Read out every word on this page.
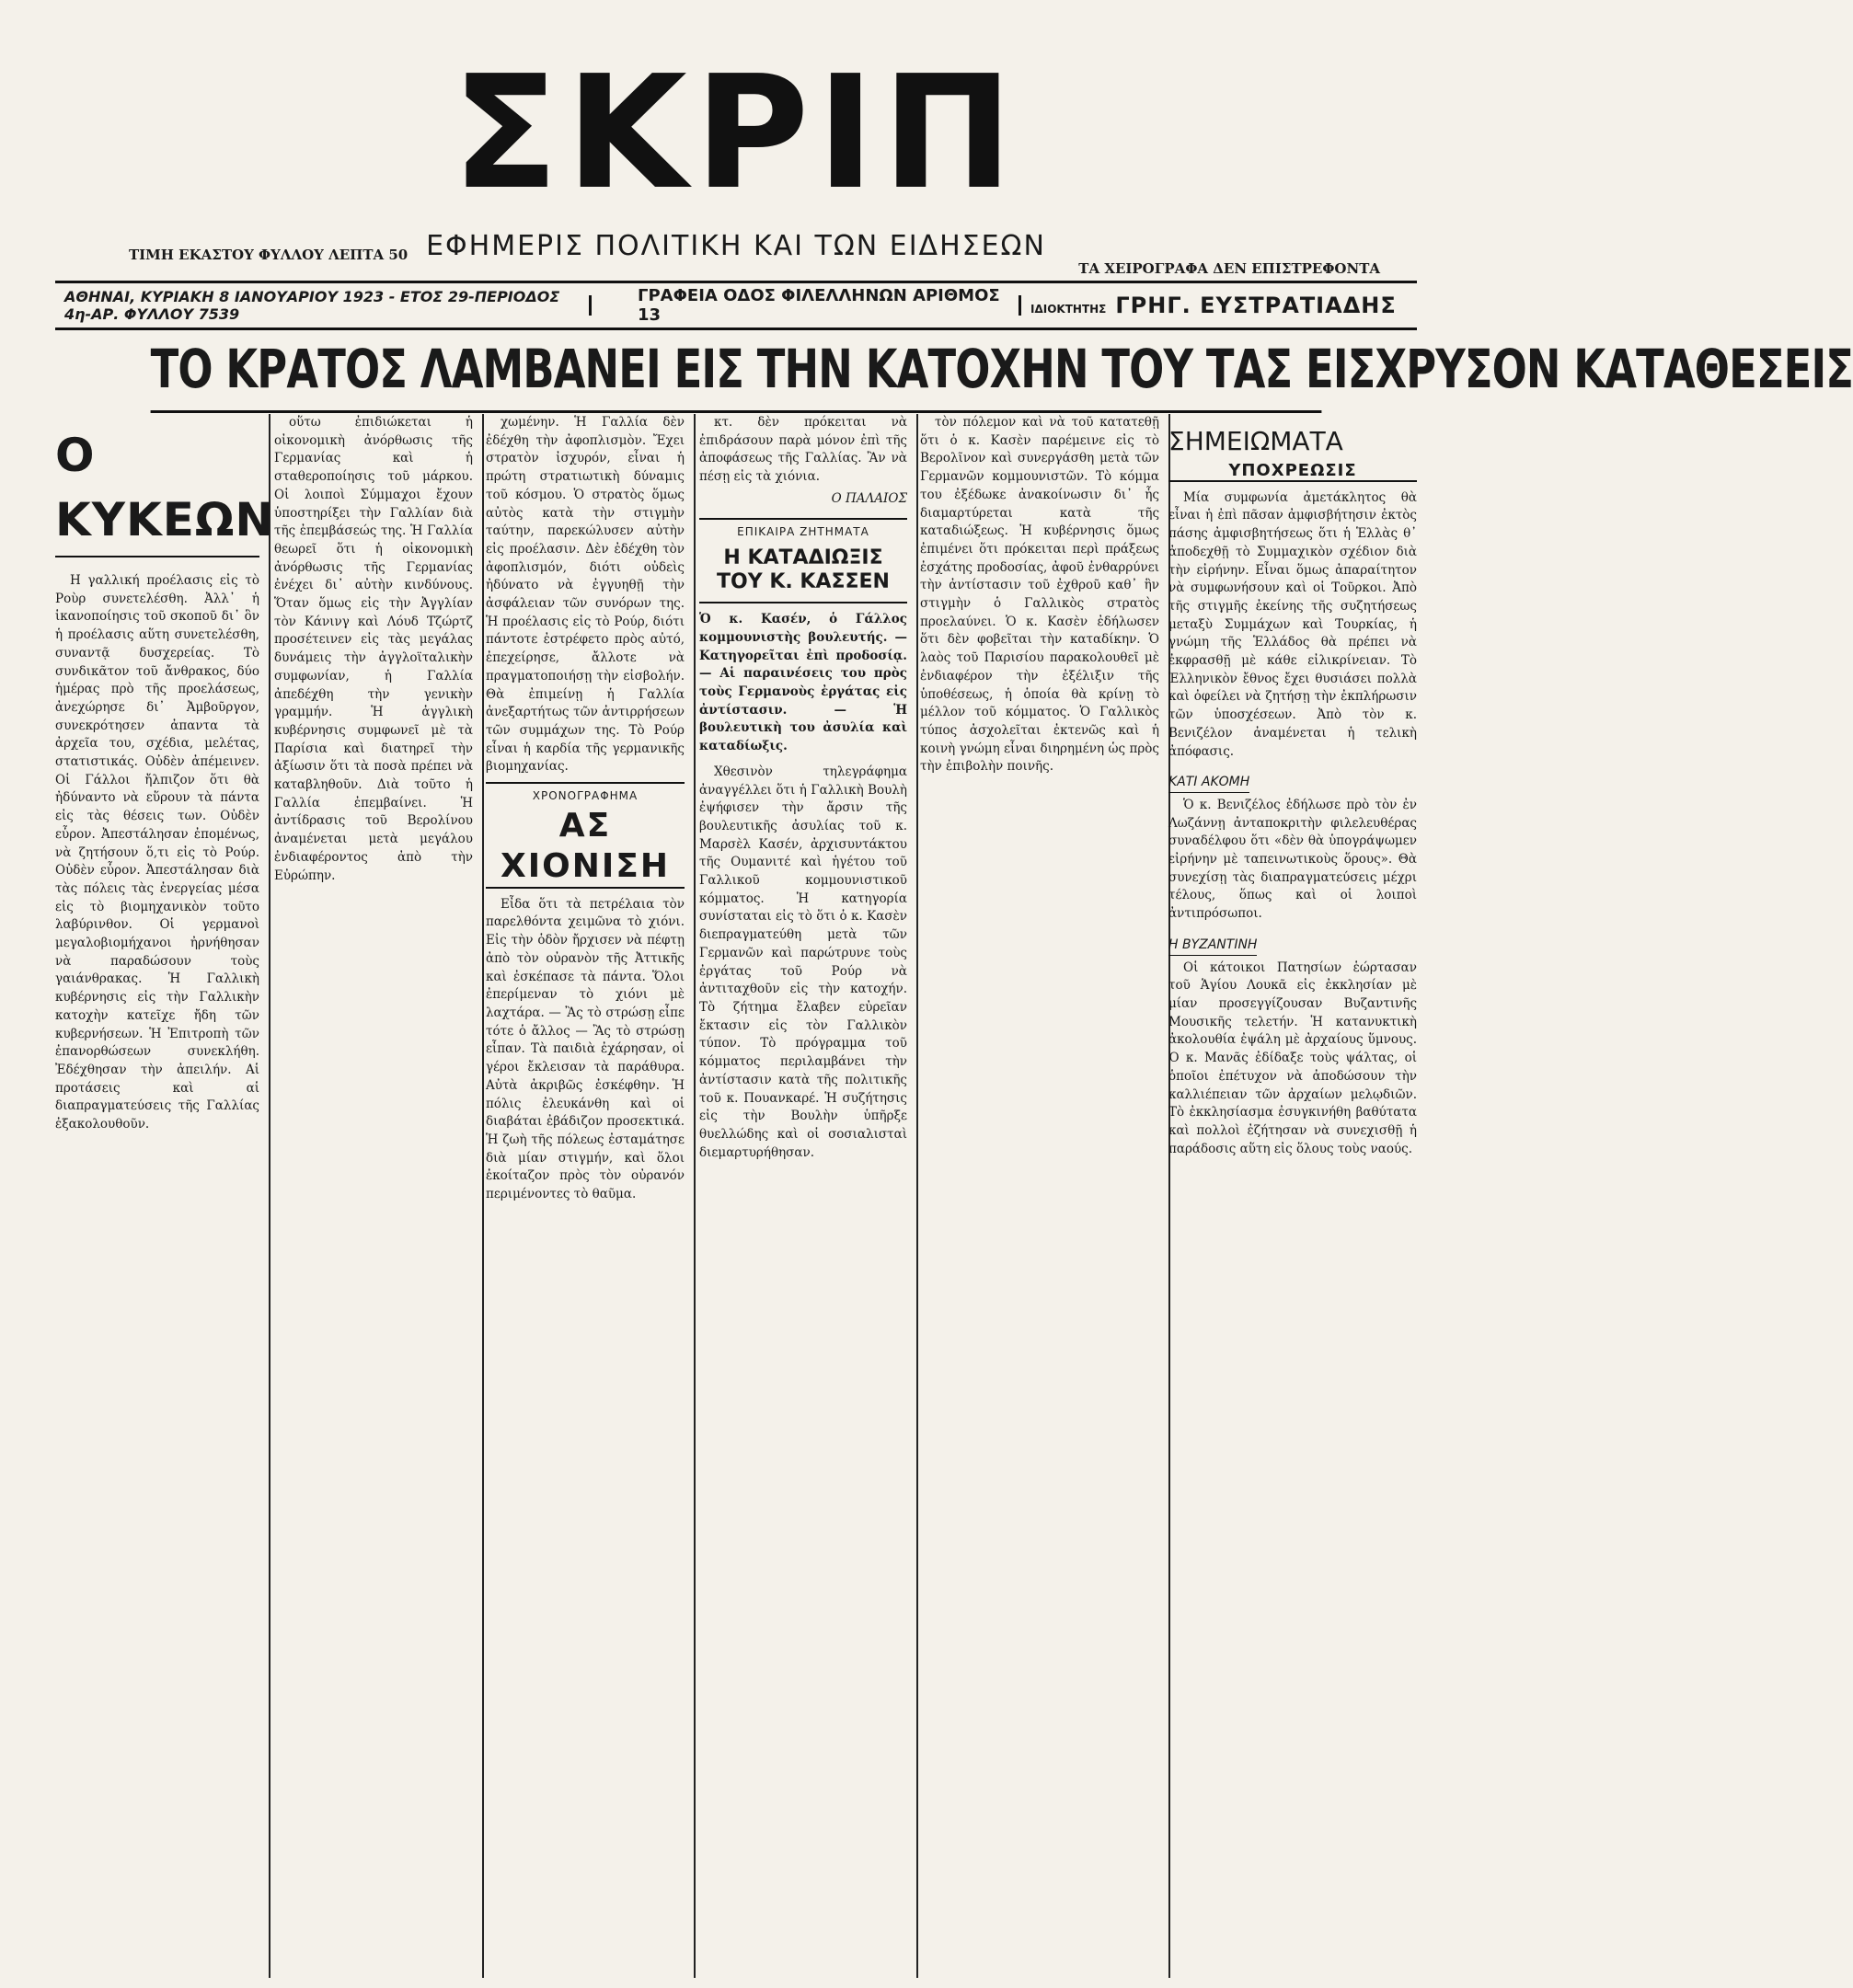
ΤΙΜΗ ΕΚΑΣΤΟΥ ΦΥΛΛΟΥ ΛΕΠΤΑ 50
ΣΚΡΙΠ
ΕΦΗΜΕΡΙΣ ΠΟΛΙΤΙΚΗ ΚΑΙ ΤΩΝ ΕΙΔΗΣΕΩΝ
ΤΑ ΧΕΙΡΟΓΡΑΦΑ ΔΕΝ ΕΠΙΣΤΡΕΦΟΝΤΑ
ΑΘΗΝΑΙ, ΚΥΡΙΑΚΗ 8 ΙΑΝΟΥΑΡΙΟΥ 1923 - ΕΤΟΣ 29-ΠΕΡΙΟΔΟΣ 4η-ΑΡ. ΦΥΛΛΟΥ 7539
ΓΡΑΦΕΙΑ ΟΔΟΣ ΦΙΛΕΛΛΗΝΩΝ ΑΡΙΘΜΟΣ 13	ΙΔΙΟΚΤΗΤΗΣ ΓΡΗΓ. ΕΥΣΤΡΑΤΙΑΔΗΣ
ΤΟ ΚΡΑΤΟΣ ΛΑΜΒΑΝΕΙ ΕΙΣ ΤΗΝ ΚΑΤΟΧΗΝ ΤΟΥ ΤΑΣ ΕΙΣΧΡΥΣΟΝ ΚΑΤΑΘΕΣΕΙΣ
Ο ΚΥΚΕΩΝ

Η γαλλική προέλασις εἰς τὸ Ροὺρ συνετελέσθη. Ἀλλ᾽ ἡ ἱκανοποίησις τοῦ σκοποῦ δι᾽ ὃν ἡ προέλασις αὕτη συνετελέσθη, συναντᾷ δυσχερείας. Τὸ συνδικᾶτον τοῦ ἄνθρακος, δύο ἡμέρας πρὸ τῆς προελάσεως, ἀνεχώρησε δι᾽ Ἀμβοῦργον, συνεκρότησεν ἀπαντα τὰ ἀρχεῖα του, σχέδια, μελέτας, στατιστικάς. Οὐδὲν ἀπέμεινεν. Οἱ Γάλλοι ἤλπιζον ὅτι θὰ ἠδύναντο νὰ εὕρουν τὰ πάντα εἰς τὰς θέσεις των. Οὐδὲν εὗρον. Ἀπεστάλησαν ἐπομένως, νὰ ζητήσουν ὅ,τι εἰς τὸ Ρούρ. Οὐδὲν εὗρον. Ἀπεστάλησαν διὰ τὰς πόλεις τὰς ἐνεργείας μέσα εἰς τὸ βιομηχανικὸν τοῦτο λαβύρινθον. Οἱ γερμανοὶ μεγαλοβιομήχανοι ἠρνήθησαν νὰ παραδώσουν τοὺς γαιάνθρακας. Ἡ Γαλλικὴ κυβέρνησις εἰς τὴν Γαλλικὴν κατοχὴν κατεῖχε ἤδη τῶν κυβερνήσεων. Ἡ Ἐπιτροπὴ τῶν ἐπανορθώσεων συνεκλήθη. Ἐδέχθησαν τὴν ἀπειλήν. Αἱ προτάσεις καὶ αἱ διαπραγματεύσεις τῆς Γαλλίας ἐξακολουθοῦν.

οὕτω ἐπιδιώκεται ἡ οἰκονομικὴ ἀνόρθωσις τῆς Γερμανίας καὶ ἡ σταθεροποίησις τοῦ μάρκου. Οἱ λοιποὶ Σύμμαχοι ἔχουν ὑποστηρίξει τὴν Γαλλίαν διὰ τῆς ἐπεμβάσεώς της. Ἡ Γαλλία θεωρεῖ ὅτι ἡ οἰκονομικὴ ἀνόρθωσις τῆς Γερμανίας ἐνέχει δι᾽ αὐτὴν κινδύνους. Ὅταν ὅμως εἰς τὴν Ἀγγλίαν τὸν Κάνινγ καὶ Λόυδ Τζώρτζ προσέτεινεν εἰς τὰς μεγάλας δυνάμεις τὴν ἀγγλοϊταλικὴν συμφωνίαν, ἡ Γαλλία ἀπεδέχθη τὴν γενικὴν γραμμήν. Ἡ ἀγγλικὴ κυβέρνησις συμφωνεῖ μὲ τὰ Παρίσια καὶ διατηρεῖ τὴν ἀξίωσιν ὅτι τὰ ποσὰ πρέπει νὰ καταβληθοῦν. Διὰ τοῦτο ἡ Γαλλία ἐπεμβαίνει. Ἡ ἀντίδρασις τοῦ Βερολίνου ἀναμένεται μετὰ μεγάλου ἐνδιαφέροντος ἀπὸ τὴν Εὐρώπην.

χωμένην. Ἡ Γαλλία δὲν ἐδέχθη τὴν ἀφοπλισμὸν. Ἔχει στρατὸν ἰσχυρόν, εἶναι ἡ πρώτη στρατιωτικὴ δύναμις τοῦ κόσμου. Ὁ στρατὸς ὅμως αὐτὸς κατὰ τὴν στιγμὴν ταύτην, παρεκώλυσεν αὐτὴν εἰς προέλασιν. Δὲν ἐδέχθη τὸν ἀφοπλισμόν, διότι οὐδεὶς ἠδύνατο νὰ ἐγγυηθῇ τὴν ἀσφάλειαν τῶν συνόρων της. Ἡ προέλασις εἰς τὸ Ρούρ, διότι πάντοτε ἐστρέφετο πρὸς αὐτό, ἐπεχείρησε, ἄλλοτε νὰ πραγματοποιήσῃ τὴν εἰσβολήν. Θὰ ἐπιμείνῃ ἡ Γαλλία ἀνεξαρτήτως τῶν ἀντιρρήσεων τῶν συμμάχων της. Τὸ Ρούρ εἶναι ἡ καρδία τῆς γερμανικῆς βιομηχανίας.

ΧΡΟΝΟΓΡΑΦΗΜΑ
ΑΣ ΧΙΟΝΙΣΗ

Εἶδα ὅτι τὰ πετρέλαια τὸν παρελθόντα χειμῶνα τὸ χιόνι. Εἰς τὴν ὁδὸν ἤρχισεν νὰ πέφτῃ ἀπὸ τὸν οὐρανὸν τῆς Ἀττικῆς καὶ ἐσκέπασε τὰ πάντα. Ὅλοι ἐπερίμεναν τὸ χιόνι μὲ λαχτάρα. — Ἂς τὸ στρώσῃ εἶπε τότε ὁ ἄλλος — Ἂς τὸ στρώσῃ εἶπαν. Τὰ παιδιὰ ἐχάρησαν, οἱ γέροι ἔκλεισαν τὰ παράθυρα. Αὐτὰ ἀκριβῶς ἐσκέφθην. Ἡ πόλις ἐλευκάνθη καὶ οἱ διαβάται ἐβάδιζον προσεκτικά. Ἡ ζωὴ τῆς πόλεως ἐσταμάτησε διὰ μίαν στιγμήν, καὶ ὅλοι ἐκοίταζον πρὸς τὸν οὐρανόν περιμένοντες τὸ θαῦμα.

κτ. δὲν πρόκειται νὰ ἐπιδράσουν παρὰ μόνον ἐπὶ τῆς ἀποφάσεως τῆς Γαλλίας. Ἂν νὰ πέσῃ εἰς τὰ χιόνια.

Ο ΠΑΛΑΙΟΣ
ΕΠΙΚΑΙΡΑ ΖΗΤΗΜΑΤΑ
Η ΚΑΤΑΔΙΩΞΙΣ ΤΟΥ Κ. ΚΑΣΣΕΝ

Ὁ κ. Κασέν, ὁ Γάλλος κομμουνιστὴς βουλευτής. — Κατηγορεῖται ἐπὶ προδοσίᾳ. — Αἱ παραινέσεις του πρὸς τοὺς Γερμανοὺς ἐργάτας εἰς ἀντίστασιν. — Ἡ βουλευτικὴ του ἀσυλία καὶ καταδίωξις.

Χθεσινὸν τηλεγράφημα ἀναγγέλλει ὅτι ἡ Γαλλικὴ Βουλὴ ἐψήφισεν τὴν ἄρσιν τῆς βουλευτικῆς ἀσυλίας τοῦ κ. Μαρσὲλ Κασέν, ἀρχισυντάκτου τῆς Ουμανιτέ καὶ ἡγέτου τοῦ Γαλλικοῦ κομμουνιστικοῦ κόμματος. Ἡ κατηγορία συνίσταται εἰς τὸ ὅτι ὁ κ. Κασὲν διεπραγματεύθη μετὰ τῶν Γερμανῶν καὶ παρώτρυνε τοὺς ἐργάτας τοῦ Ρούρ νὰ ἀντιταχθοῦν εἰς τὴν κατοχήν. Τὸ ζήτημα ἔλαβεν εὐρεῖαν ἔκτασιν εἰς τὸν Γαλλικὸν τύπον. Τὸ πρόγραμμα τοῦ κόμματος περιλαμβάνει τὴν ἀντίστασιν κατὰ τῆς πολιτικῆς τοῦ κ. Πουανκαρέ. Ἡ συζήτησις εἰς τὴν Βουλὴν ὑπῆρξε θυελλώδης καὶ οἱ σοσιαλισταὶ διεμαρτυρήθησαν.

τὸν πόλεμον καὶ νὰ τοῦ κατατεθῇ ὅτι ὁ κ. Κασὲν παρέμεινε εἰς τὸ Βερολῖνον καὶ συνεργάσθη μετὰ τῶν Γερμανῶν κομμουνιστῶν. Τὸ κόμμα του ἐξέδωκε ἀνακοίνωσιν δι᾽ ἧς διαμαρτύρεται κατὰ τῆς καταδιώξεως. Ἡ κυβέρνησις ὅμως ἐπιμένει ὅτι πρόκειται περὶ πράξεως ἐσχάτης προδοσίας, ἀφοῦ ἐνθαρρύνει τὴν ἀντίστασιν τοῦ ἐχθροῦ καθ᾽ ἣν στιγμὴν ὁ Γαλλικὸς στρατὸς προελαύνει. Ὁ κ. Κασὲν ἐδήλωσεν ὅτι δὲν φοβεῖται τὴν καταδίκην. Ὁ λαὸς τοῦ Παρισίου παρακολουθεῖ μὲ ἐνδιαφέρον τὴν ἐξέλιξιν τῆς ὑποθέσεως, ἡ ὁποία θὰ κρίνῃ τὸ μέλλον τοῦ κόμματος. Ὁ Γαλλικὸς τύπος ἀσχολεῖται ἐκτενῶς καὶ ἡ κοινὴ γνώμη εἶναι διηρημένη ὡς πρὸς τὴν ἐπιβολὴν ποινῆς.

ΣΗΜΕΙΩΜΑΤΑ
ΥΠΟΧΡΕΩΣΙΣ

Μία συμφωνία ἀμετάκλητος θὰ εἶναι ἡ ἐπὶ πᾶσαν ἀμφισβήτησιν ἐκτὸς πάσης ἀμφισβητήσεως ὅτι ἡ Ἑλλὰς θ᾽ ἀποδεχθῇ τὸ Συμμαχικὸν σχέδιον διὰ τὴν εἰρήνην. Εἶναι ὅμως ἀπαραίτητον νὰ συμφωνήσουν καὶ οἱ Τοῦρκοι. Ἀπὸ τῆς στιγμῆς ἐκείνης τῆς συζητήσεως μεταξὺ Συμμάχων καὶ Τουρκίας, ἡ γνώμη τῆς Ἑλλάδος θὰ πρέπει νὰ ἐκφρασθῇ μὲ κάθε εἰλικρίνειαν. Τὸ Ἑλληνικὸν ἔθνος ἔχει θυσιάσει πολλὰ καὶ ὀφείλει νὰ ζητήσῃ τὴν ἐκπλήρωσιν τῶν ὑποσχέσεων. Ἀπὸ τὸν κ. Βενιζέλον ἀναμένεται ἡ τελικὴ ἀπόφασις.

ΚΑΤΙ ΑΚΟΜΗ

Ὁ κ. Βενιζέλος ἐδήλωσε πρὸ τὸν ἐν Λωζάννῃ ἀνταποκριτὴν φιλελευθέρας συναδέλφου ὅτι «δὲν θὰ ὑπογράψωμεν εἰρήνην μὲ ταπεινωτικοὺς ὅρους». Θὰ συνεχίσῃ τὰς διαπραγματεύσεις μέχρι τέλους, ὅπως καὶ οἱ λοιποὶ ἀντιπρόσωποι.

Η ΒΥΖΑΝΤΙΝΗ

Οἱ κάτοικοι Πατησίων ἑώρτασαν τοῦ Ἁγίου Λουκᾶ εἰς ἐκκλησίαν μὲ μίαν προσεγγίζουσαν Βυζαντινῆς Μουσικῆς τελετήν. Ἡ κατανυκτικὴ ἀκολουθία ἐψάλη μὲ ἀρχαίους ὕμνους. Ὁ κ. Μανᾶς ἐδίδαξε τοὺς ψάλτας, οἱ ὁποῖοι ἐπέτυχον νὰ ἀποδώσουν τὴν καλλιέπειαν τῶν ἀρχαίων μελῳδιῶν. Τὸ ἐκκλησίασμα ἐσυγκινήθη βαθύτατα καὶ πολλοὶ ἐζήτησαν νὰ συνεχισθῇ ἡ παράδοσις αὕτη εἰς ὅλους τοὺς ναούς.
